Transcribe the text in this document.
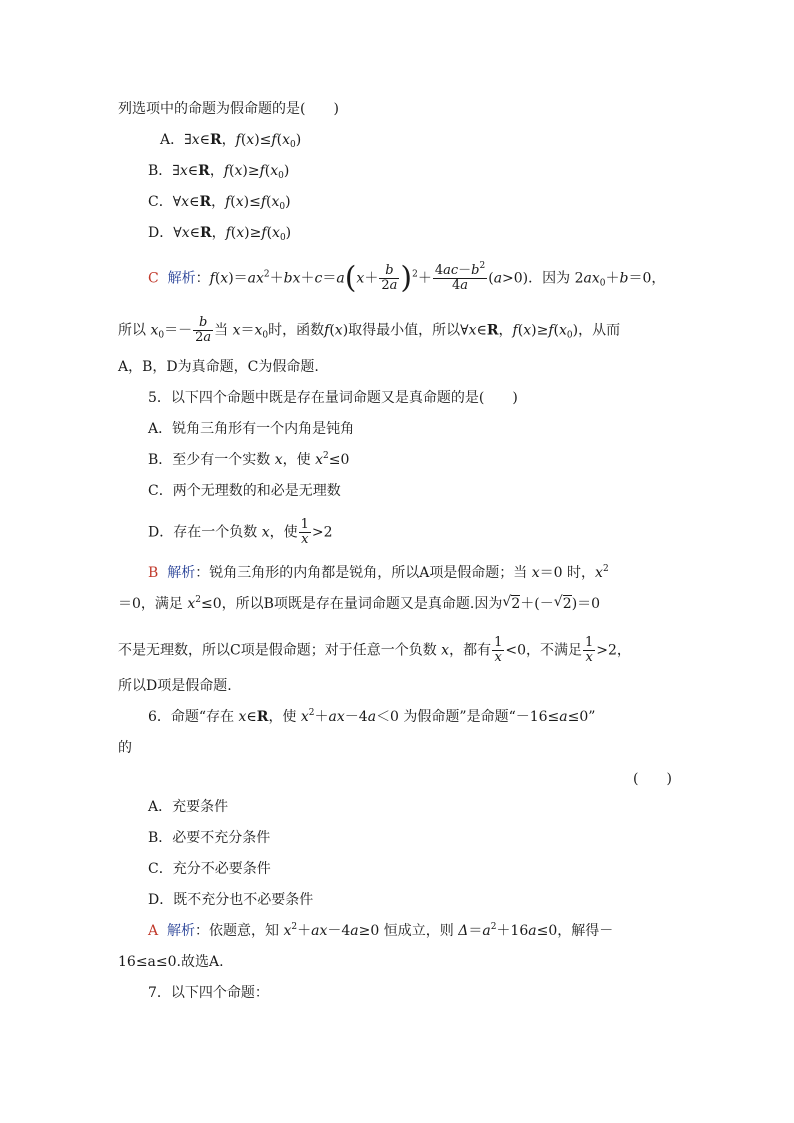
列选项中的命题为假命题的是(　　)
A．∃x∈R，$f(x)\le f(x_0)$
B．∃x∈R，$f(x)\ge f(x_0)$
C．∀x∈R，$f(x)\le f(x_0)$
D．∀x∈R，$f(x)\ge f(x_0)$
C 解析：$f(x)=ax^2+bx+c=a(x+ \frac{b}{2a} )^2+ \frac{4ac-b^2}{4a} (a>0)$．因为 $2ax_0+b=0$，
所以 $x_0=- \frac{b}{2a}$ 当 $x=x_0$时，函数f(x)取得最小值，所以∀x∈R，$f(x)\ge f(x_0)$，从而
A，B，D为真命题，C为假命题.
5．以下四个命题中既是存在量词命题又是真命题的是(　　)
A．锐角三角形有一个内角是钝角
B．至少有一个实数 x，使 $x^2\le 0$
C．两个无理数的和必是无理数
D．存在一个负数 x，使 $\frac{1}{x} >2$
B 解析：锐角三角形的内角都是锐角，所以A项是假命题；当 x＝0 时，$x^2$
＝0，满足 $x^2\le 0$，所以B项既是存在量词命题又是真命题.因为 √ 2＋(－ √ 2)＝0
不是无理数，所以C项是假命题；对于任意一个负数 x，都有 $\frac{1}{x} <0$，不满足 $\frac{1}{x} >2$，
所以D项是假命题.
6．命题“存在 x∈R，使 $x^2+ax-4a<0$ 为假命题”是命题“－16≤a≤0”
的
(　　)
A．充要条件
B．必要不充分条件
C．充分不必要条件
D．既不充分也不必要条件
A 解析：依题意，知 $x^2+ax-4a\ge 0$ 恒成立，则 $\Delta=a^2+16a\le 0$，解得－
16≤a≤0.故选A.
7．以下四个命题：
